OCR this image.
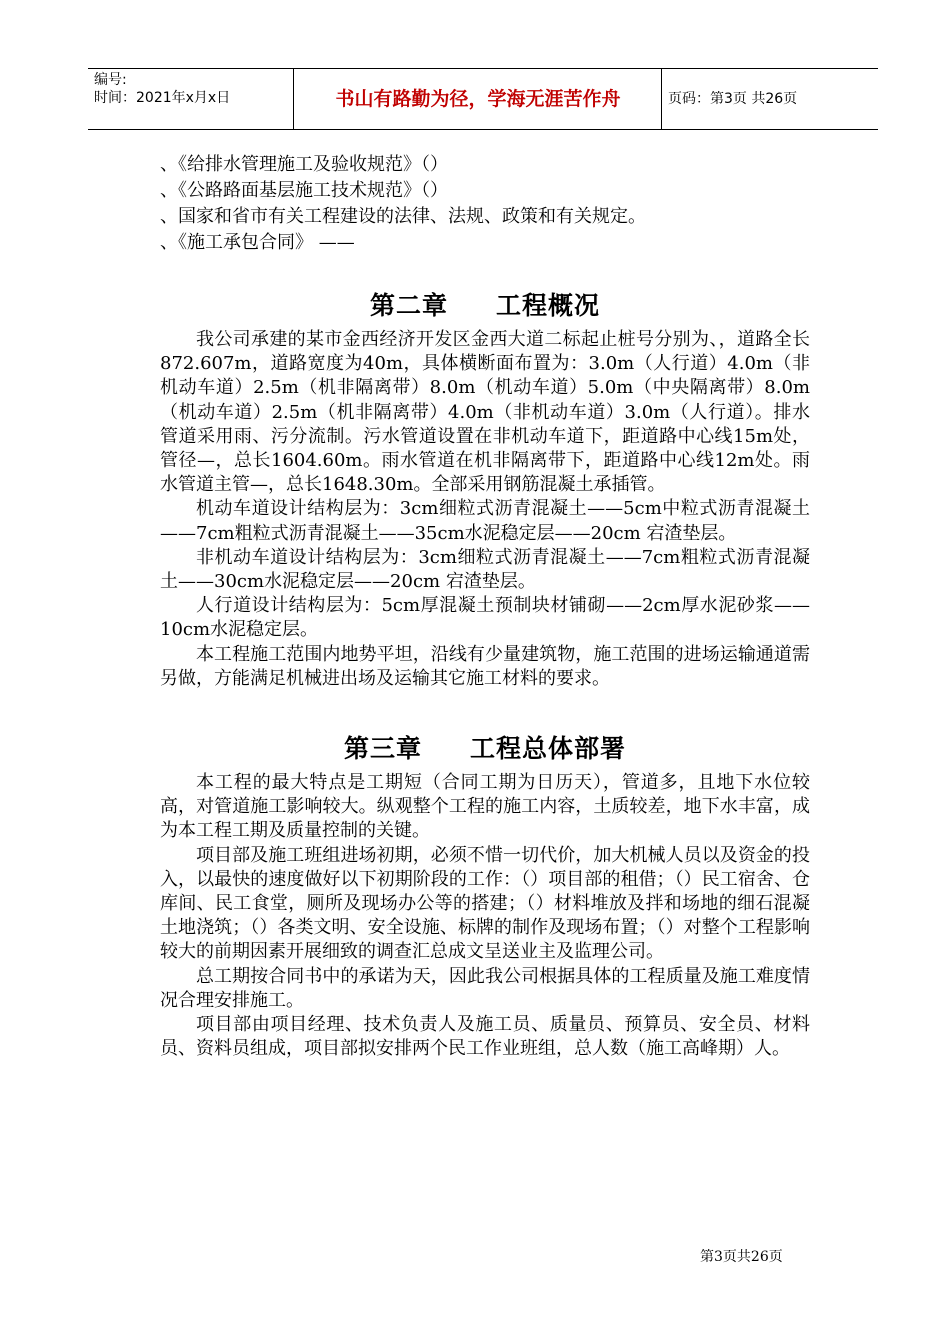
编号:
时间：2021年x月x日	书山有路勤为径，学海无涯苦作舟	页码：第3页 共26页

、《给排水管理施工及验收规范》（）

、《公路路面基层施工技术规范》（）

、国家和省市有关工程建设的法律、法规、政策和有关规定。

、《施工承包合同》 ——

第二章 工程概况

我公司承建的某市金西经济开发区金西大道二标起止桩号分别为、，道路全长872.607m，道路宽度为40m，具体横断面布置为：3.0m（人行道）4.0m（非机动车道）2.5m（机非隔离带）8.0m（机动车道）5.0m（中央隔离带）8.0m（机动车道）2.5m（机非隔离带）4.0m（非机动车道）3.0m（人行道）。排水管道采用雨、污分流制。污水管道设置在非机动车道下，距道路中心线15m处，管径—，总长1604.60m。雨水管道在机非隔离带下，距道路中心线12m处。雨水管道主管—，总长1648.30m。全部采用钢筋混凝土承插管。

机动车道设计结构层为：3cm细粒式沥青混凝土——5cm中粒式沥青混凝土——7cm粗粒式沥青混凝土——35cm水泥稳定层——20cm 宕渣垫层。

非机动车道设计结构层为：3cm细粒式沥青混凝土——7cm粗粒式沥青混凝土——30cm水泥稳定层——20cm 宕渣垫层。

人行道设计结构层为：5cm厚混凝土预制块材铺砌——2cm厚水泥砂浆——10cm水泥稳定层。

本工程施工范围内地势平坦，沿线有少量建筑物，施工范围的进场运输通道需另做，方能满足机械进出场及运输其它施工材料的要求。

第三章 工程总体部署

本工程的最大特点是工期短（合同工期为日历天），管道多，且地下水位较高，对管道施工影响较大。纵观整个工程的施工内容，土质较差，地下水丰富，成为本工程工期及质量控制的关键。

项目部及施工班组进场初期，必须不惜一切代价，加大机械人员以及资金的投入，以最快的速度做好以下初期阶段的工作：（）项目部的租借；（）民工宿舍、仓库间、民工食堂，厕所及现场办公等的搭建；（）材料堆放及拌和场地的细石混凝土地浇筑；（）各类文明、安全设施、标牌的制作及现场布置；（）对整个工程影响较大的前期因素开展细致的调查汇总成文呈送业主及监理公司。

总工期按合同书中的承诺为天，因此我公司根据具体的工程质量及施工难度情况合理安排施工。

项目部由项目经理、技术负责人及施工员、质量员、预算员、安全员、材料员、资料员组成，项目部拟安排两个民工作业班组，总人数（施工高峰期）人。

第3页共26页
